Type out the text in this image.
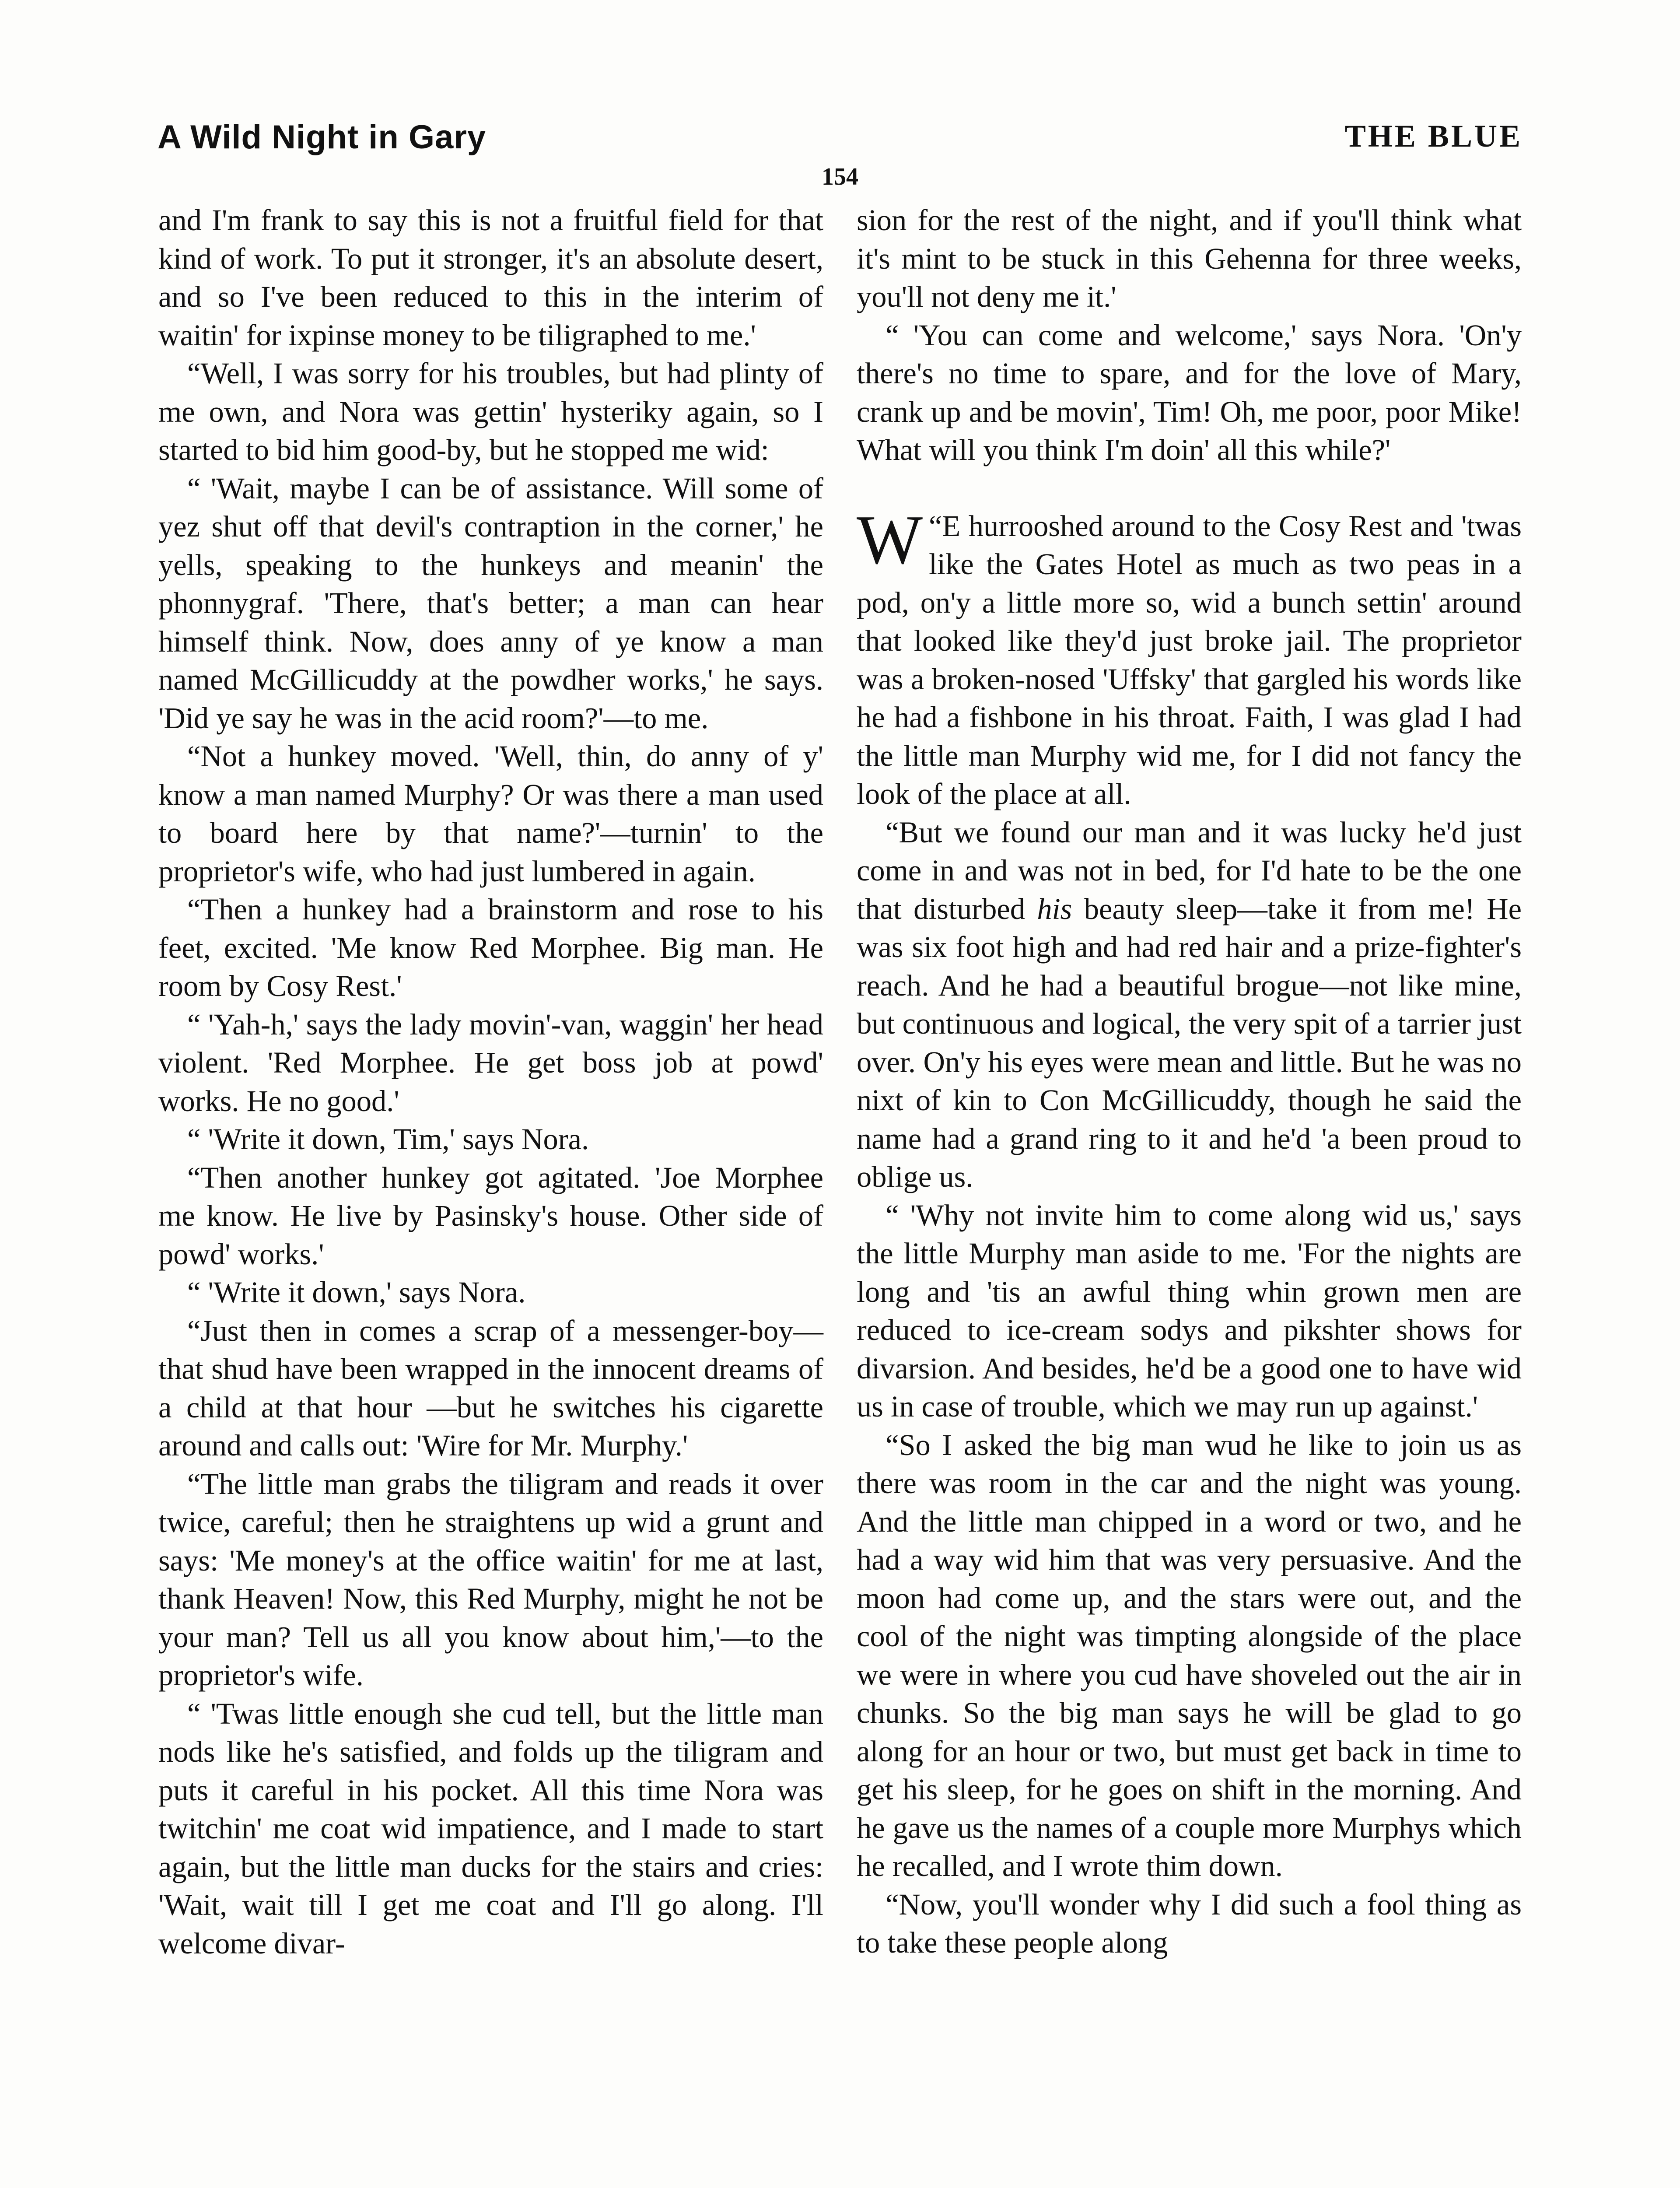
A Wild Night in Gary	THE BLUE
154

and I'm frank to say this is not a fruitful field for that kind of work. To put it stronger, it's an absolute desert, and so I've been reduced to this in the interim of waitin' for ixpinse money to be tiligraphed to me.'

“Well, I was sorry for his troubles, but had plinty of me own, and Nora was gettin' hysteriky again, so I started to bid him good-by, but he stopped me wid:

“ 'Wait, maybe I can be of assistance. Will some of yez shut off that devil's contraption in the corner,' he yells, speaking to the hunkeys and meanin' the phonnygraf. 'There, that's better; a man can hear himself think. Now, does anny of ye know a man named McGillicuddy at the powdher works,' he says. 'Did ye say he was in the acid room?'—to me.

“Not a hunkey moved. 'Well, thin, do anny of y' know a man named Murphy? Or was there a man used to board here by that name?'—turnin' to the proprietor's wife, who had just lumbered in again.

“Then a hunkey had a brainstorm and rose to his feet, excited. 'Me know Red Morphee. Big man. He room by Cosy Rest.'

“ 'Yah-h,' says the lady movin'-van, waggin' her head violent. 'Red Morphee. He get boss job at powd' works. He no good.'

“ 'Write it down, Tim,' says Nora.

“Then another hunkey got agitated. 'Joe Morphee me know. He live by Pasinsky's house. Other side of powd' works.'

“ 'Write it down,' says Nora.

“Just then in comes a scrap of a messenger-boy—that shud have been wrapped in the innocent dreams of a child at that hour —but he switches his cigarette around and calls out: 'Wire for Mr. Murphy.'

“The little man grabs the tiligram and reads it over twice, careful; then he straightens up wid a grunt and says: 'Me money's at the office waitin' for me at last, thank Heaven! Now, this Red Murphy, might he not be your man? Tell us all you know about him,'—to the proprietor's wife.

“ 'Twas little enough she cud tell, but the little man nods like he's satisfied, and folds up the tiligram and puts it careful in his pocket. All this time Nora was twitchin' me coat wid impatience, and I made to start again, but the little man ducks for the stairs and cries: 'Wait, wait till I get me coat and I'll go along. I'll welcome divar-

sion for the rest of the night, and if you'll think what it's mint to be stuck in this Gehenna for three weeks, you'll not deny me it.'

“ 'You can come and welcome,' says Nora. 'On'y there's no time to spare, and for the love of Mary, crank up and be movin', Tim! Oh, me poor, poor Mike! What will you think I'm doin' all this while?'

“
W E hurrooshed around to the Cosy Rest and 'twas like the Gates Hotel as much as two peas in a pod, on'y a little more so, wid a bunch settin' around that looked like they'd just broke jail. The proprietor was a broken-nosed 'Uffsky' that gargled his words like he had a fishbone in his throat. Faith, I was glad I had the little man Murphy wid me, for I did not fancy the look of the place at all.

“But we found our man and it was lucky he'd just come in and was not in bed, for I'd hate to be the one that disturbed his beauty sleep—take it from me! He was six foot high and had red hair and a prize-fighter's reach. And he had a beautiful brogue—not like mine, but continuous and logical, the very spit of a tarrier just over. On'y his eyes were mean and little. But he was no nixt of kin to Con McGillicuddy, though he said the name had a grand ring to it and he'd 'a been proud to oblige us.

“ 'Why not invite him to come along wid us,' says the little Murphy man aside to me. 'For the nights are long and 'tis an awful thing whin grown men are reduced to ice-cream sodys and pikshter shows for divarsion. And besides, he'd be a good one to have wid us in case of trouble, which we may run up against.'

“So I asked the big man wud he like to join us as there was room in the car and the night was young. And the little man chipped in a word or two, and he had a way wid him that was very persuasive. And the moon had come up, and the stars were out, and the cool of the night was timpting alongside of the place we were in where you cud have shoveled out the air in chunks. So the big man says he will be glad to go along for an hour or two, but must get back in time to get his sleep, for he goes on shift in the morning. And he gave us the names of a couple more Murphys which he recalled, and I wrote thim down.

“Now, you'll wonder why I did such a fool thing as to take these people along
